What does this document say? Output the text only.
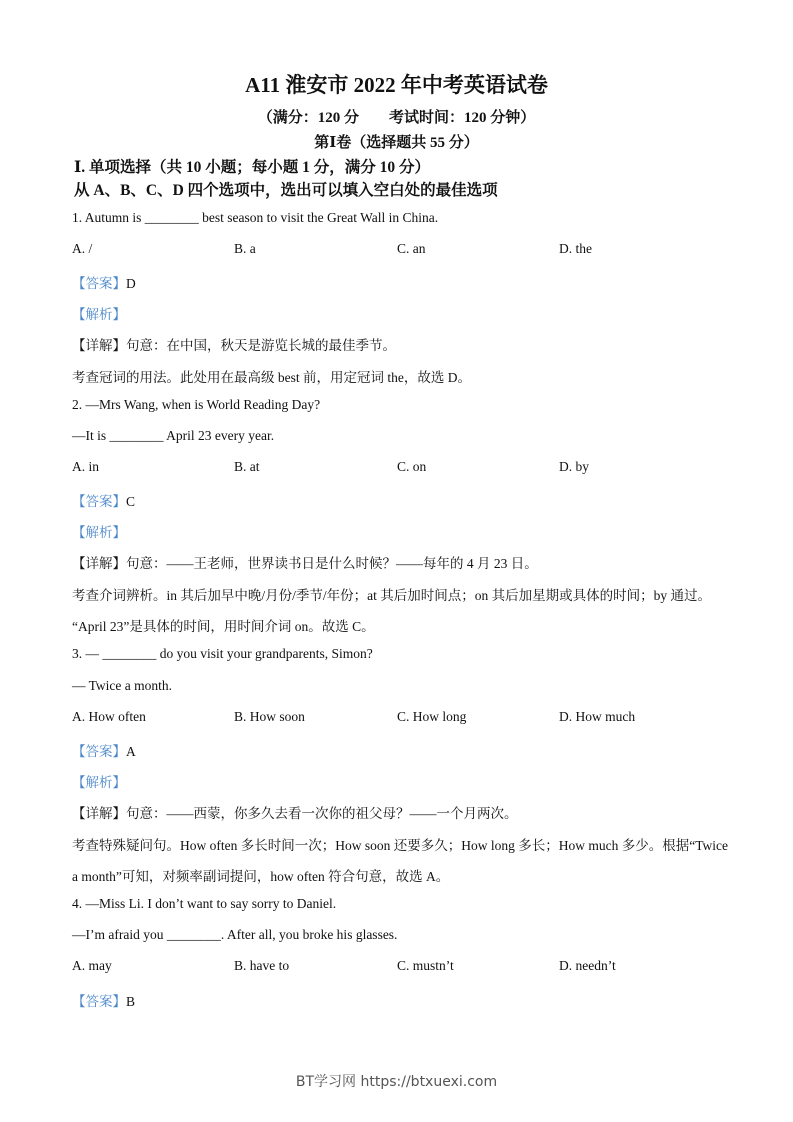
A11 淮安市 2022 年中考英语试卷
（满分：120 分 考试时间：120 分钟）
第Ⅰ卷（选择题共 55 分）
Ⅰ. 单项选择（共 10 小题；每小题 1 分，满分 10 分）
从 A、B、C、D 四个选项中，选出可以填入空白处的最佳选项
1. Autumn is ________ best season to visit the Great Wall in China.
A. /	B. a	C. an	D. the
【答案】D
【解析】
【详解】句意：在中国，秋天是游览长城的最佳季节。
考查冠词的用法。此处用在最高级 best 前，用定冠词 the，故选 D。
2. —Mrs Wang, when is World Reading Day?
—It is ________ April 23 every year.
A. in	B. at	C. on	D. by
【答案】C
【解析】
【详解】句意：——王老师，世界读书日是什么时候？——每年的 4 月 23 日。
考查介词辨析。in 其后加早中晚/月份/季节/年份；at 其后加时间点；on 其后加星期或具体的时间；by 通过。
“April 23”是具体的时间，用时间介词 on。故选 C。
3. — ________ do you visit your grandparents, Simon?
— Twice a month.
A. How often	B. How soon	C. How long	D. How much
【答案】A
【解析】
【详解】句意：——西蒙，你多久去看一次你的祖父母？——一个月两次。
考查特殊疑问句。How often 多长时间一次；How soon 还要多久；How long 多长；How much 多少。根据“Twice
a month”可知，对频率副词提问，how often 符合句意，故选 A。
4. —Miss Li. I don’t want to say sorry to Daniel.
—I’m afraid you ________. After all, you broke his glasses.
A. may	B. have to	C. mustn’t	D. needn’t
【答案】B
BT学习网 https://btxuexi.com
